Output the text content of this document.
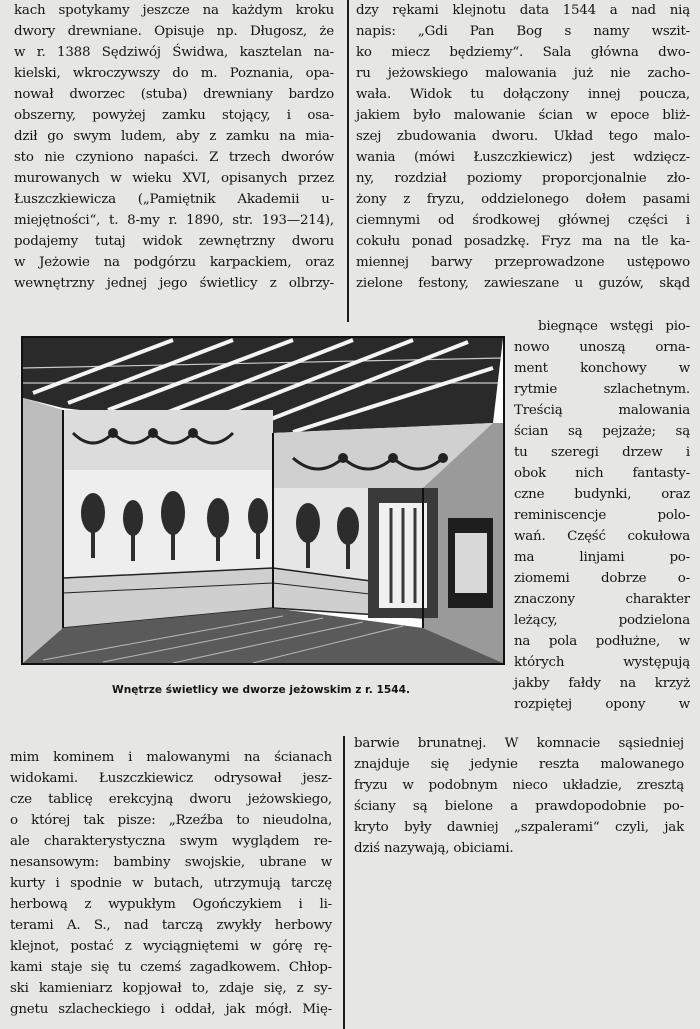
kach spotykamy jeszcze na każdym kroku
dwory drewniane. Opisuje np. Długosz, że
w r. 1388 Sędziwój Świdwa, kasztelan na-
kielski, wkroczywszy do m. Poznania, opa-
nował dworzec (stuba) drewniany bardzo
obszerny, powyżej zamku stojący, i osa-
dził go swym ludem, aby z zamku na mia-
sto nie czyniono napaści. Z trzech dworów
murowanych w wieku XVI, opisanych przez
Łuszczkiewicza („Pamiętnik Akademii u-
miejętności“, t. 8-my r. 1890, str. 193—214),
podajemy tutaj widok zewnętrzny dworu
w Jeżowie na podgórzu karpackiem, oraz
wewnętrzny jednej jego świetlicy z olbrzy-
dzy rękami klejnotu data 1544 a nad nią
napis: „Gdi Pan Bog s namy wszit-
ko miecz będziemy“. Sala główna dwo-
ru jeżowskiego malowania już nie zacho-
wała. Widok tu dołączony innej poucza,
jakiem było malowanie ścian w epoce bliż-
szej zbudowania dworu. Układ tego malo-
wania (mówi Łuszczkiewicz) jest wdzięcz-
ny, rozdział poziomy proporcjonalnie zło-
żony z fryzu, oddzielonego dołem pasami
ciemnymi od środkowej głównej części i
cokułu ponad posadzkę. Fryz ma na tle ka-
miennej barwy przeprowadzone ustępowo
zielone festony, zawieszane u guzów, skąd
biegnące wstęgi pio-
nowo unoszą orna-
ment konchowy w
rytmie szlachetnym.
Treścią malowania
ścian są pejzaże; są
tu szeregi drzew i
obok nich fantasty-
czne budynki, oraz
reminiscencje polo-
wań. Część cokułowa
ma linjami po-
ziomemi dobrze o-
znaczony charakter
leżący, podzielona
na pola podłużne, w
których występują
jakby fałdy na krzyż
rozpiętej opony w
Wnętrze świetlicy we dworze jeżowskim z r. 1544.
mim kominem i malowanymi na ścianach
widokami. Łuszczkiewicz odrysował jesz-
cze tablicę erekcyjną dworu jeżowskiego,
o której tak pisze: „Rzeźba to nieudolna,
ale charakterystyczna swym wyglądem re-
nesansowym: bambiny swojskie, ubrane w
kurty i spodnie w butach, utrzymują tarczę
herbową z wypukłym Ogończykiem i li-
terami A. S., nad tarczą zwykły herbowy
klejnot, postać z wyciągniętemi w górę rę-
kami staje się tu czemś zagadkowem. Chłop-
ski kamieniarz kopjował to, zdaje się, z sy-
gnetu szlacheckiego i oddał, jak mógł. Mię-
barwie brunatnej. W komnacie sąsiedniej
znajduje się jedynie reszta malowanego
fryzu w podobnym nieco układzie, zresztą
ściany są bielone a prawdopodobnie po-
kryto były dawniej „szpalerami“ czyli, jak
dziś nazywają, obiciami.
